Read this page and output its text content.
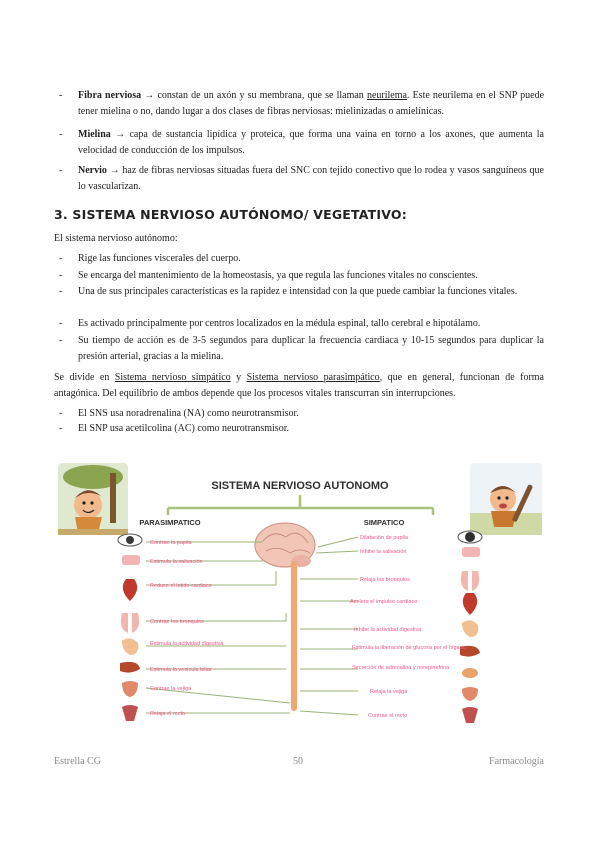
- Fibra nerviosa → constan de un axón y su membrana, que se llaman neurilema. Este neurilema en el SNP puede tener mielina o no, dando lugar a dos clases de fibras nerviosas: mielinizadas o amielínicas.
- Mielina → capa de sustancia lipídica y proteica, que forma una vaina en torno a los axones, que aumenta la velocidad de conducción de los impulsos.
- Nervio → haz de fibras nerviosas situadas fuera del SNC con tejido conectivo que lo rodea y vasos sanguíneos que lo vascularizan.
3. SISTEMA NERVIOSO AUTÓNOMO/ VEGETATIVO:
El sistema nervioso autónomo:
- Rige las funciones viscerales del cuerpo.
- Se encarga del mantenimiento de la homeostasis, ya que regula las funciones vitales no conscientes.
- Una de sus principales características es la rapidez e intensidad con la que puede cambiar la funciones vitales.
- Es activado principalmente por centros localizados en la médula espinal, tallo cerebral e hipotálamo.
- Su tiempo de acción es de 3-5 segundos para duplicar la frecuencia cardiaca y 10-15 segundos para duplicar la presión arterial, gracias a la mielina.
Se divide en Sistema nervioso simpático y Sistema nervioso parasimpático, que en general, funcionan de forma antagónica. Del equilibrio de ambos depende que los procesos vitales transcurran sin interrupciones.
- El SNS usa noradrenalina (NA) como neurotransmisor.
- El SNP usa acetilcolina (AC) como neurotransmisor.
SISTEMA NERVIOSO AUTONOMO
PARASIMPATICO	SIMPATICO
Contrae la pupila
Estimula la salivación
Reduce el latido cardiaco
Contrae los bronquios
Estimula la actividad digestiva
Estimula la vesícula biliar
Contrae la vejiga
Relaja el recto
Dilatación de pupila
Inhibe la salivación
Relaja los bronquios
Acelera el impulso cardiaco
Inhibe la actividad digestiva
Estimula la liberación de glucosa por el hígado
Secreción de adrenalina y norepinefrina
Relaja la vejiga
Contrae el recto
Estrella CG	50	Farmacología
